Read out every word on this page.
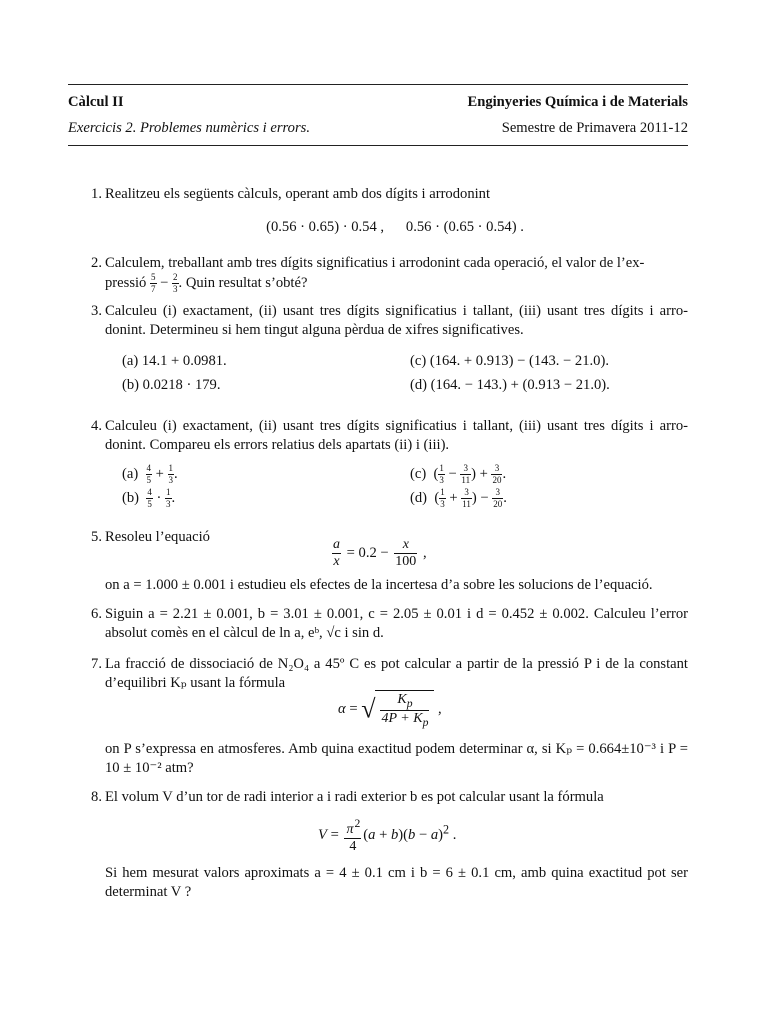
Càlcul II	Enginyeries Química i de Materials
Exercicis 2. Problemes numèrics i errors.	Semestre de Primavera 2011-12
1. Realitzeu els següents càlculs, operant amb dos dígits i arrodonint
(0.56 · 0.65) · 0.54 ,      0.56 · (0.65 · 0.54) .
2. Calculem, treballant amb tres dígits significatius i arrodonint cada operació, el valor de l’ex-
pressió $\frac{5}{7} - \frac{2}{3}$ . Quin resultat s’obté?
3. Calculeu (i) exactament, (ii) usant tres dígits significatius i tallant, (iii) usant tres dígits i arro- donint. Determineu si hem tingut alguna pèrdua de xifres significatives.
(a) 14.1 + 0.0981.
(b) 0.0218 · 179.
(c) (164. + 0.913) − (143. − 21.0).
(d) (164. − 143.) + (0.913 − 21.0).
4. Calculeu (i) exactament, (ii) usant tres dígits significatius i tallant, (iii) usant tres dígits i arro- donint. Compareu els errors relatius dels apartats (ii) i (iii).
$(a) \frac{4}{5} + \frac{1}{3}$ .
$(b) \frac{4}{5} \cdot \frac{1}{3}$ .
(c)  ( $\frac{1}{3} - \frac{3}{11}$ ) + $\frac{3}{20}$ .
(d)  ( $\frac{1}{3} + \frac{3}{11}$ ) − $\frac{3}{20}$ .
5. Resoleu l’equació
$\frac{a}{x} = 0.2 - \frac{x}{100}$ ,
on a = 1.000 ± 0.001 i estudieu els efectes de la incertesa d’a sobre les solucions de l’equació.
6. Siguin a = 2.21 ± 0.001, b = 3.01 ± 0.001, c = 2.05 ± 0.01 i d = 0.452 ± 0.002. Calculeu l’error absolut comès en el càlcul de ln a, eᵇ, √c i sin d.
7. La fracció de dissociació de N₂O₄ a 45º C es pot calcular a partir de la pressió P i de la constant d’equilibri Kₚ usant la fórmula
α = √ $\frac{K_p}{4P + K_p}$ ,
on P s’expressa en atmosferes. Amb quina exactitud podem determinar α, si Kₚ = 0.664±10⁻³ i P = 10 ± 10⁻² atm?
8. El volum V d’un tor de radi interior a i radi exterior b es pot calcular usant la fórmula
$V = \frac{\pi^2}{4} (a + b)(b - a)^2$ .
Si hem mesurat valors aproximats a = 4 ± 0.1 cm i b = 6 ± 0.1 cm, amb quina exactitud pot ser determinat V ?
